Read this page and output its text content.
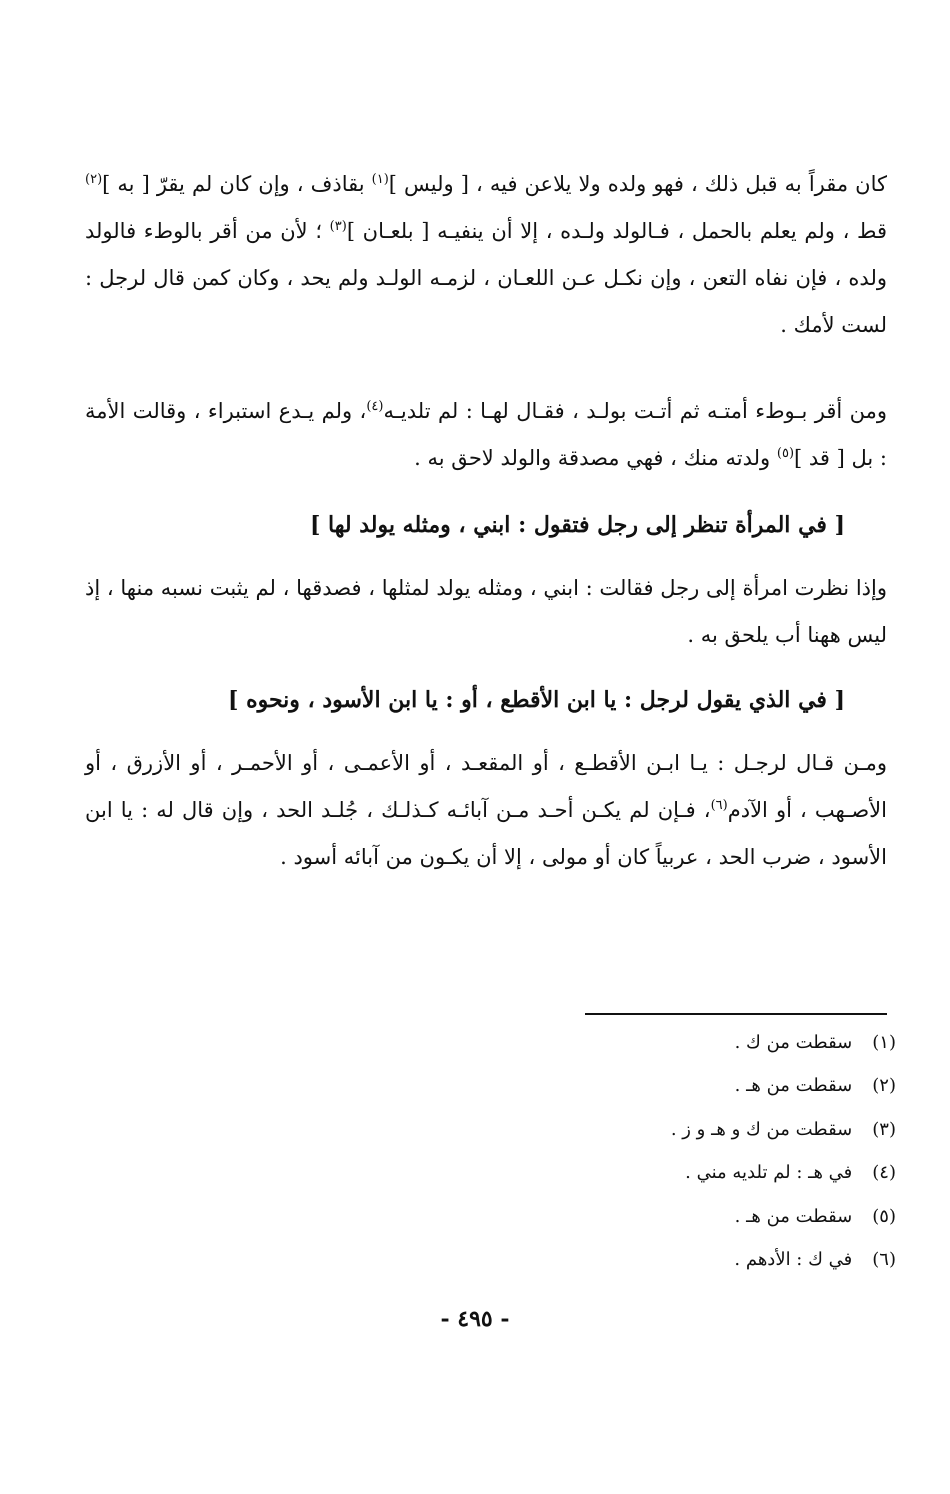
كان مقراً به قبل ذلك ، فهو ولده ولا يلاعن فيه ، [ وليس ]$^{(١)}$ بقاذف ، وإن كان لم يقرّ [ به ]$^{(٢)}$ قط ، ولم يعلم بالحمل ، فـالولد ولـده ، إلا أن ينفيـه [ بلعـان ]$^{(٣)}$ ؛ لأن من أقر بالوطء فالولد ولده ، فإن نفاه التعن ، وإن نكـل عـن اللعـان ، لزمـه الولـد ولم يحد ، وكان كمن قال لرجل : لست لأمك .

ومن أقر بـوطء أمتـه ثم أتـت بولـد ، فقـال لهـا : لم تلديـه$^{(٤)}$، ولم يـدع استبراء ، وقالت الأمة : بل [ قد ]$^{(٥)}$ ولدته منك ، فهي مصدقة والولد لاحق به .

[ في المرأة تنظر إلى رجل فتقول : ابني ، ومثله يولد لها ]

وإذا نظرت امرأة إلى رجل فقالت : ابني ، ومثله يولد لمثلها ، فصدقها ، لم يثبت نسبه منها ، إذ ليس ههنا أب يلحق به .

[ في الذي يقول لرجل : يا ابن الأقطع ، أو : يا ابن الأسود ، ونحوه ]

ومـن قـال لرجـل : يـا ابـن الأقطـع ، أو المقعـد ، أو الأعمـى ، أو الأحمـر ، أو الأزرق ، أو الأصـهب ، أو الآدم$^{(٦)}$، فـإن لم يكـن أحـد مـن آبائـه كـذلـك ، جُلـد الحد ، وإن قال له : يا ابن الأسود ، ضرب الحد ، عربياً كان أو مولى ، إلا أن يكـون من آبائه أسود .

(١) سقطت من ك .
(٢) سقطت من هـ .
(٣) سقطت من ك و هـ و ز .
(٤) في هـ : لم تلديه مني .
(٥) سقطت من هـ .
(٦) في ك : الأدهم .
- ٤٩٥ -
